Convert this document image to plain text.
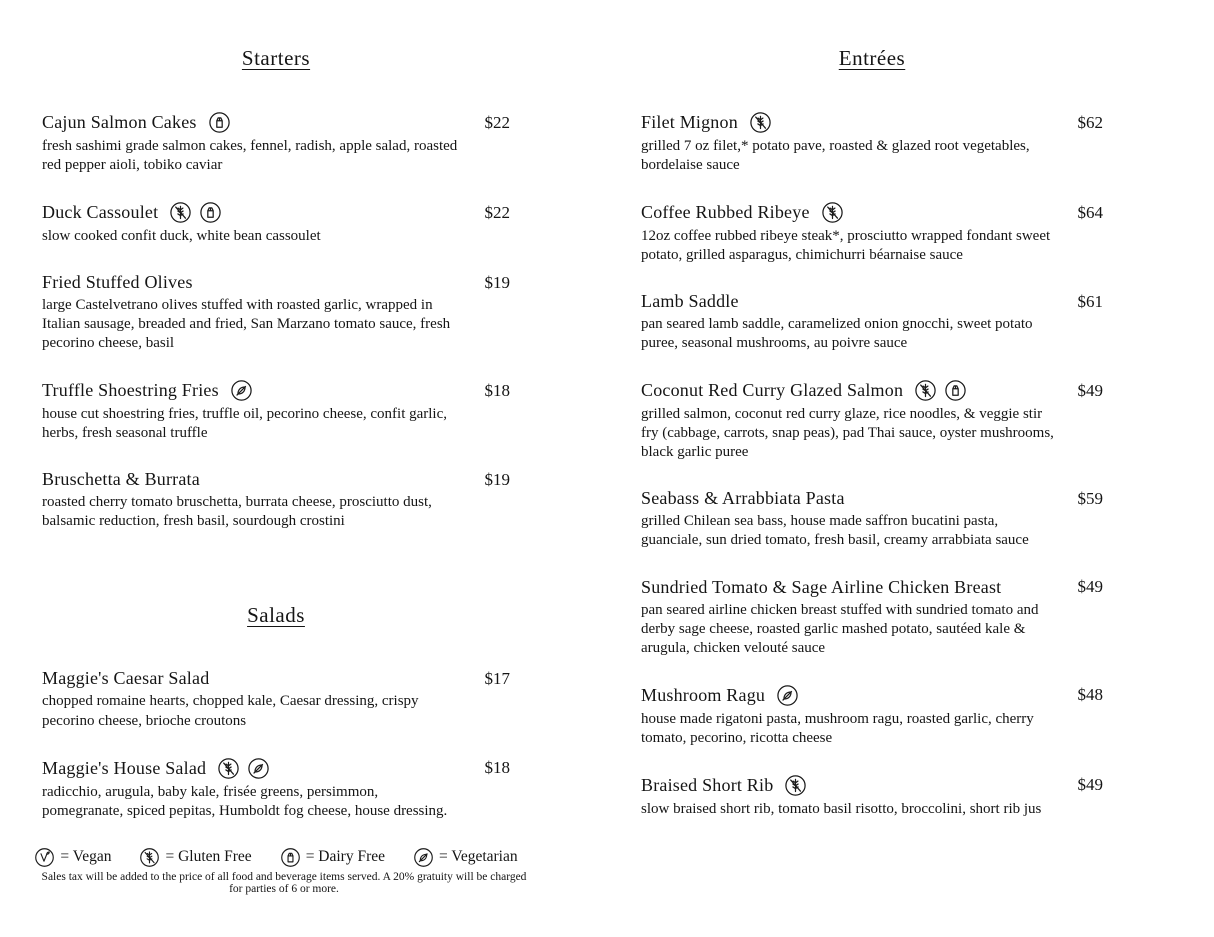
Starters
Cajun Salmon Cakes	$22
fresh sashimi grade salmon cakes, fennel, radish, apple salad, roasted red pepper aioli, tobiko caviar
Duck Cassoulet	$22
slow cooked confit duck, white bean cassoulet
Fried Stuffed Olives	$19
large Castelvetrano olives stuffed with roasted garlic, wrapped in Italian sausage, breaded and fried, San Marzano tomato sauce, fresh pecorino cheese, basil
Truffle Shoestring Fries	$18
house cut shoestring fries, truffle oil, pecorino cheese, confit garlic, herbs, fresh seasonal truffle
Bruschetta & Burrata	$19
roasted cherry tomato bruschetta, burrata cheese, prosciutto dust, balsamic reduction, fresh basil, sourdough crostini
Salads
Maggie's Caesar Salad	$17
chopped romaine hearts, chopped kale, Caesar dressing, crispy pecorino cheese, brioche croutons
Maggie's House Salad	$18
radicchio, arugula, baby kale, frisée greens, persimmon, pomegranate, spiced pepitas, Humboldt fog cheese, house dressing.
= Vegan	= Gluten Free	= Dairy Free	= Vegetarian
Sales tax will be added to the price of all food and beverage items served. A 20% gratuity will be charged for parties of 6 or more.
Entrées
Filet Mignon	$62
grilled 7 oz filet,* potato pave, roasted & glazed root vegetables, bordelaise sauce
Coffee Rubbed Ribeye	$64
12oz coffee rubbed ribeye steak*, prosciutto wrapped fondant sweet potato, grilled asparagus, chimichurri béarnaise sauce
Lamb Saddle	$61
pan seared lamb saddle, caramelized onion gnocchi, sweet potato puree, seasonal mushrooms, au poivre sauce
Coconut Red Curry Glazed Salmon	$49
grilled salmon, coconut red curry glaze, rice noodles, & veggie stir fry (cabbage, carrots, snap peas), pad Thai sauce, oyster mushrooms, black garlic puree
Seabass & Arrabbiata Pasta	$59
grilled Chilean sea bass, house made saffron bucatini pasta, guanciale, sun dried tomato, fresh basil, creamy arrabbiata sauce
Sundried Tomato & Sage Airline Chicken Breast	$49
pan seared airline chicken breast stuffed with sundried tomato and derby sage cheese, roasted garlic mashed potato, sautéed kale & arugula, chicken velouté sauce
Mushroom Ragu	$48
house made rigatoni pasta, mushroom ragu, roasted garlic, cherry tomato, pecorino, ricotta cheese
Braised Short Rib	$49
slow braised short rib, tomato basil risotto, broccolini, short rib jus
